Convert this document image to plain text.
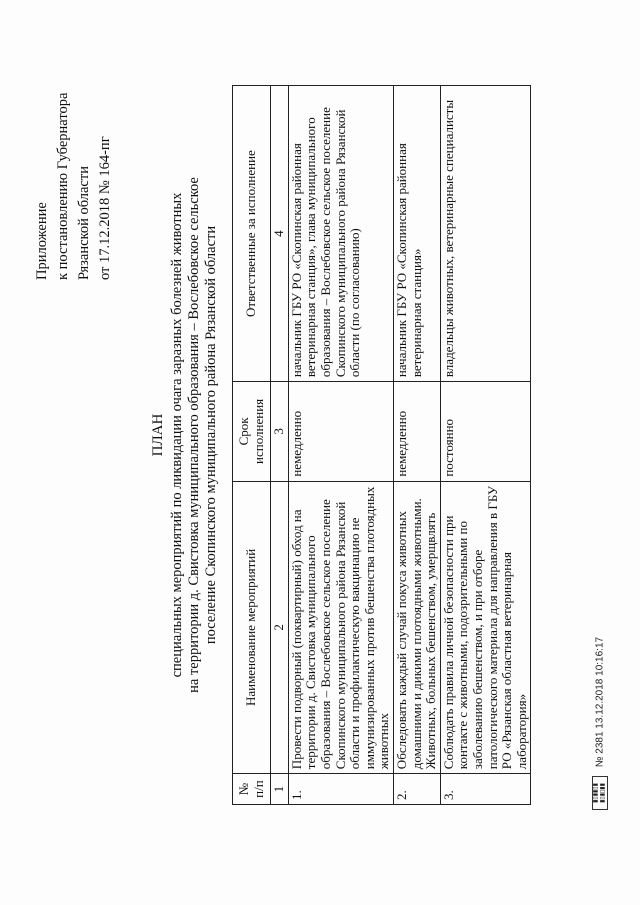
Приложение к постановлению Губернатора Рязанской области от 17.12.2018 № 164-пг
ПЛАН специальных мероприятий по ликвидации очага заразных болезней животных на территории д. Свистовка муниципального образования – Вослебовское сельское поселение Скопинского муниципального района Рязанской области
№ п/п	Наименование мероприятий	Срок исполнения	Ответственные за исполнение
1	2	3	4
1.	Провести подворный (поквартирный) обход на территории д. Свистовка муниципального образования – Вослебовское сельское поселение Скопинского муниципального района Рязанской области и профилактическую вакцинацию не иммунизированных против бешенства плотоядных животных	немедленно	начальник ГБУ РО «Скопинская районная ветеринарная станция», глава муниципального образования – Вослебовское сельское поселение Скопинского муниципального района Рязанской области (по согласованию)
2.	Обследовать каждый случай покуса животных домашними и дикими плотоядными животными. Животных, больных бешенством, умерщвлять	немедленно	начальник ГБУ РО «Скопинская районная ветеринарная станция»
3.	Соблюдать правила личной безопасности при контакте с животными, подозрительными по заболеванию бешенством, и при отборе патологического материала для направления в ГБУ РО «Рязанская областная ветеринарная лаборатория»	постоянно	владельцы животных, ветеринарные специалисты
▮▯▮▮▯▮
▮▯▮▯▮▮ № 2381 13.12.2018 10:16:17
